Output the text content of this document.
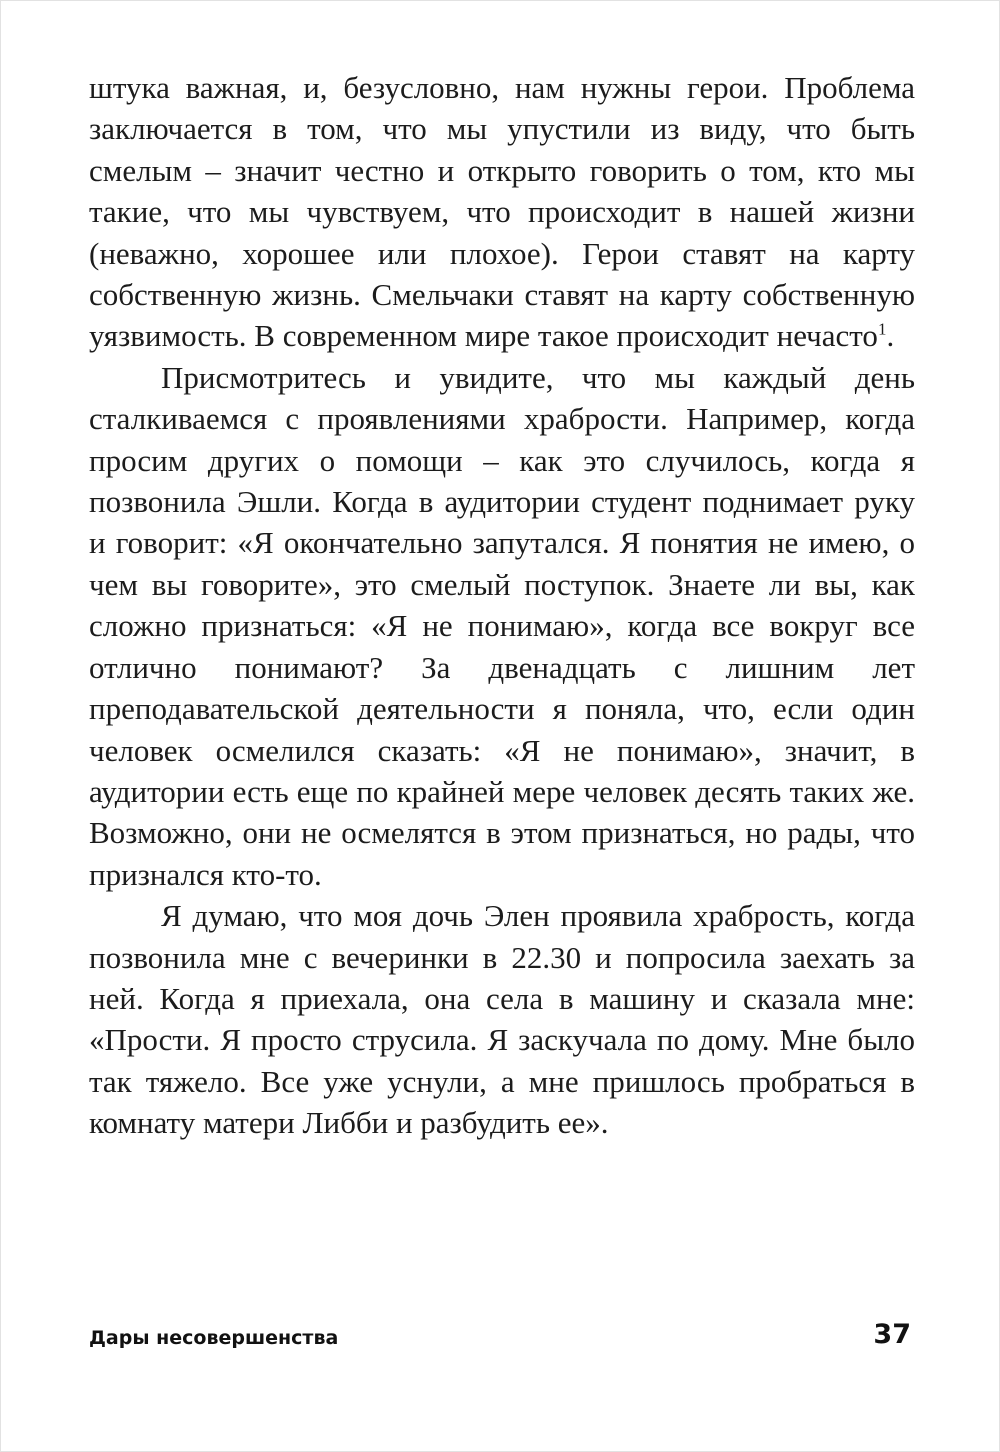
штука важная, и, безусловно, нам нужны герои. Проблема заключается в том, что мы упустили из виду, что быть смелым – значит честно и открыто говорить о том, кто мы такие, что мы чувствуем, что происходит в нашей жизни (неважно, хорошее или плохое). Герои ставят на карту собственную жизнь. Смельчаки ставят на карту собственную уязвимость. В современном мире такое происходит нечасто$^1$.

Присмотритесь и увидите, что мы каждый день сталкиваемся с проявлениями храбрости. Например, когда просим других о помощи – как это случилось, когда я позвонила Эшли. Когда в аудитории студент поднимает руку и говорит: «Я окончательно запутался. Я понятия не имею, о чем вы говорите», это смелый поступок. Знаете ли вы, как сложно признаться: «Я не понимаю», когда все вокруг все отлично понимают? За двенадцать с лишним лет преподавательской деятельности я поняла, что, если один человек осмелился сказать: «Я не понимаю», значит, в аудитории есть еще по крайней мере человек десять таких же. Возможно, они не осмелятся в этом признаться, но рады, что признался кто-то.

Я думаю, что моя дочь Элен проявила храбрость, когда позвонила мне с вечеринки в 22.30 и попросила заехать за ней. Когда я приехала, она села в машину и сказала мне: «Прости. Я просто струсила. Я заскучала по дому. Мне было так тяжело. Все уже уснули, а мне пришлось пробраться в комнату матери Либби и разбудить ее».

Дары несовершенства	37
